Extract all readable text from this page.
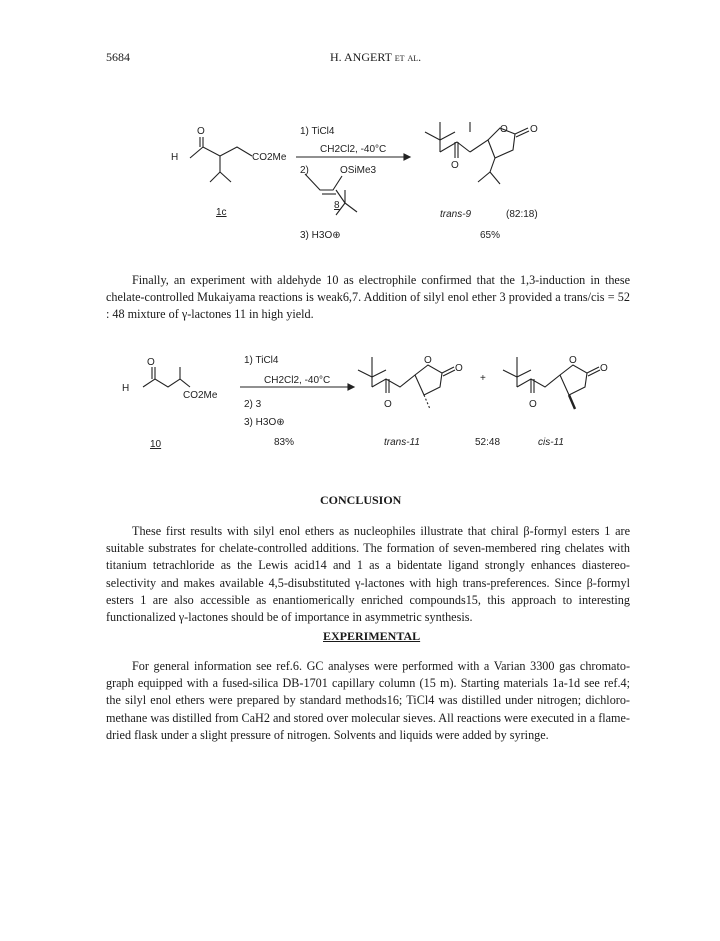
5684	H. ANGERT et al.
H
O
CO2Me
1c
1) TiCl4
CH2Cl2, -40°C
2)	OSiMe3
8
3) H3O⊕
O O
O
trans-9	(82:18)
65%
Finally, an experiment with aldehyde 10 as electrophile confirmed that the 1,3-induction in these chelate-controlled Mukaiyama reactions is weak6,7. Addition of silyl enol ether 3 provided a trans/cis = 52 : 48 mixture of γ-lactones 11 in high yield.
H
O
CO2Me
10
1) TiCl4
CH2Cl2, -40°C
2) 3
3) H3O⊕
83%
O
O
O
+
O
O
O
trans-11	52:48	cis-11
CONCLUSION
These first results with silyl enol ethers as nucleophiles illustrate that chiral β-formyl esters 1 are suitable substrates for chelate-controlled additions. The formation of seven-membered ring chelates with titanium tetrachloride as the Lewis acid14 and 1 as a bidentate ligand strongly enhances diastereo-selectivity and makes available 4,5-disubstituted γ-lactones with high trans-preferences. Since β-formyl esters 1 are also accessible as enantiomerically enriched compounds15, this approach to interesting functionalized γ-lactones should be of importance in asymmetric synthesis.
EXPERIMENTAL
For general information see ref.6. GC analyses were performed with a Varian 3300 gas chromato-graph equipped with a fused-silica DB-1701 capillary column (15 m). Starting materials 1a-1d see ref.4; the silyl enol ethers were prepared by standard methods16; TiCl4 was distilled under nitrogen; dichloro-methane was distilled from CaH2 and stored over molecular sieves. All reactions were executed in a flame-dried flask under a slight pressure of nitrogen. Solvents and liquids were added by syringe.
